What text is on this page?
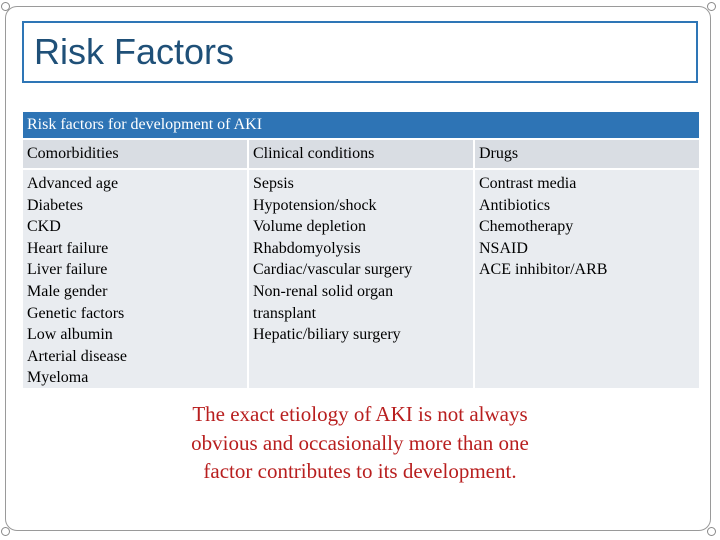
Risk Factors
Risk factors for development of AKI
Comorbidities	Clinical conditions	Drugs
Advanced age
Diabetes
CKD
Heart failure
Liver failure
Male gender
Genetic factors
Low albumin
Arterial disease
Myeloma
Sepsis
Hypotension/shock
Volume depletion
Rhabdomyolysis
Cardiac/vascular surgery
Non-renal solid organ
transplant
Hepatic/biliary surgery
Contrast media
Antibiotics
Chemotherapy
NSAID
ACE inhibitor/ARB
The exact etiology of AKI is not always obvious and occasionally more than one factor contributes to its development.
